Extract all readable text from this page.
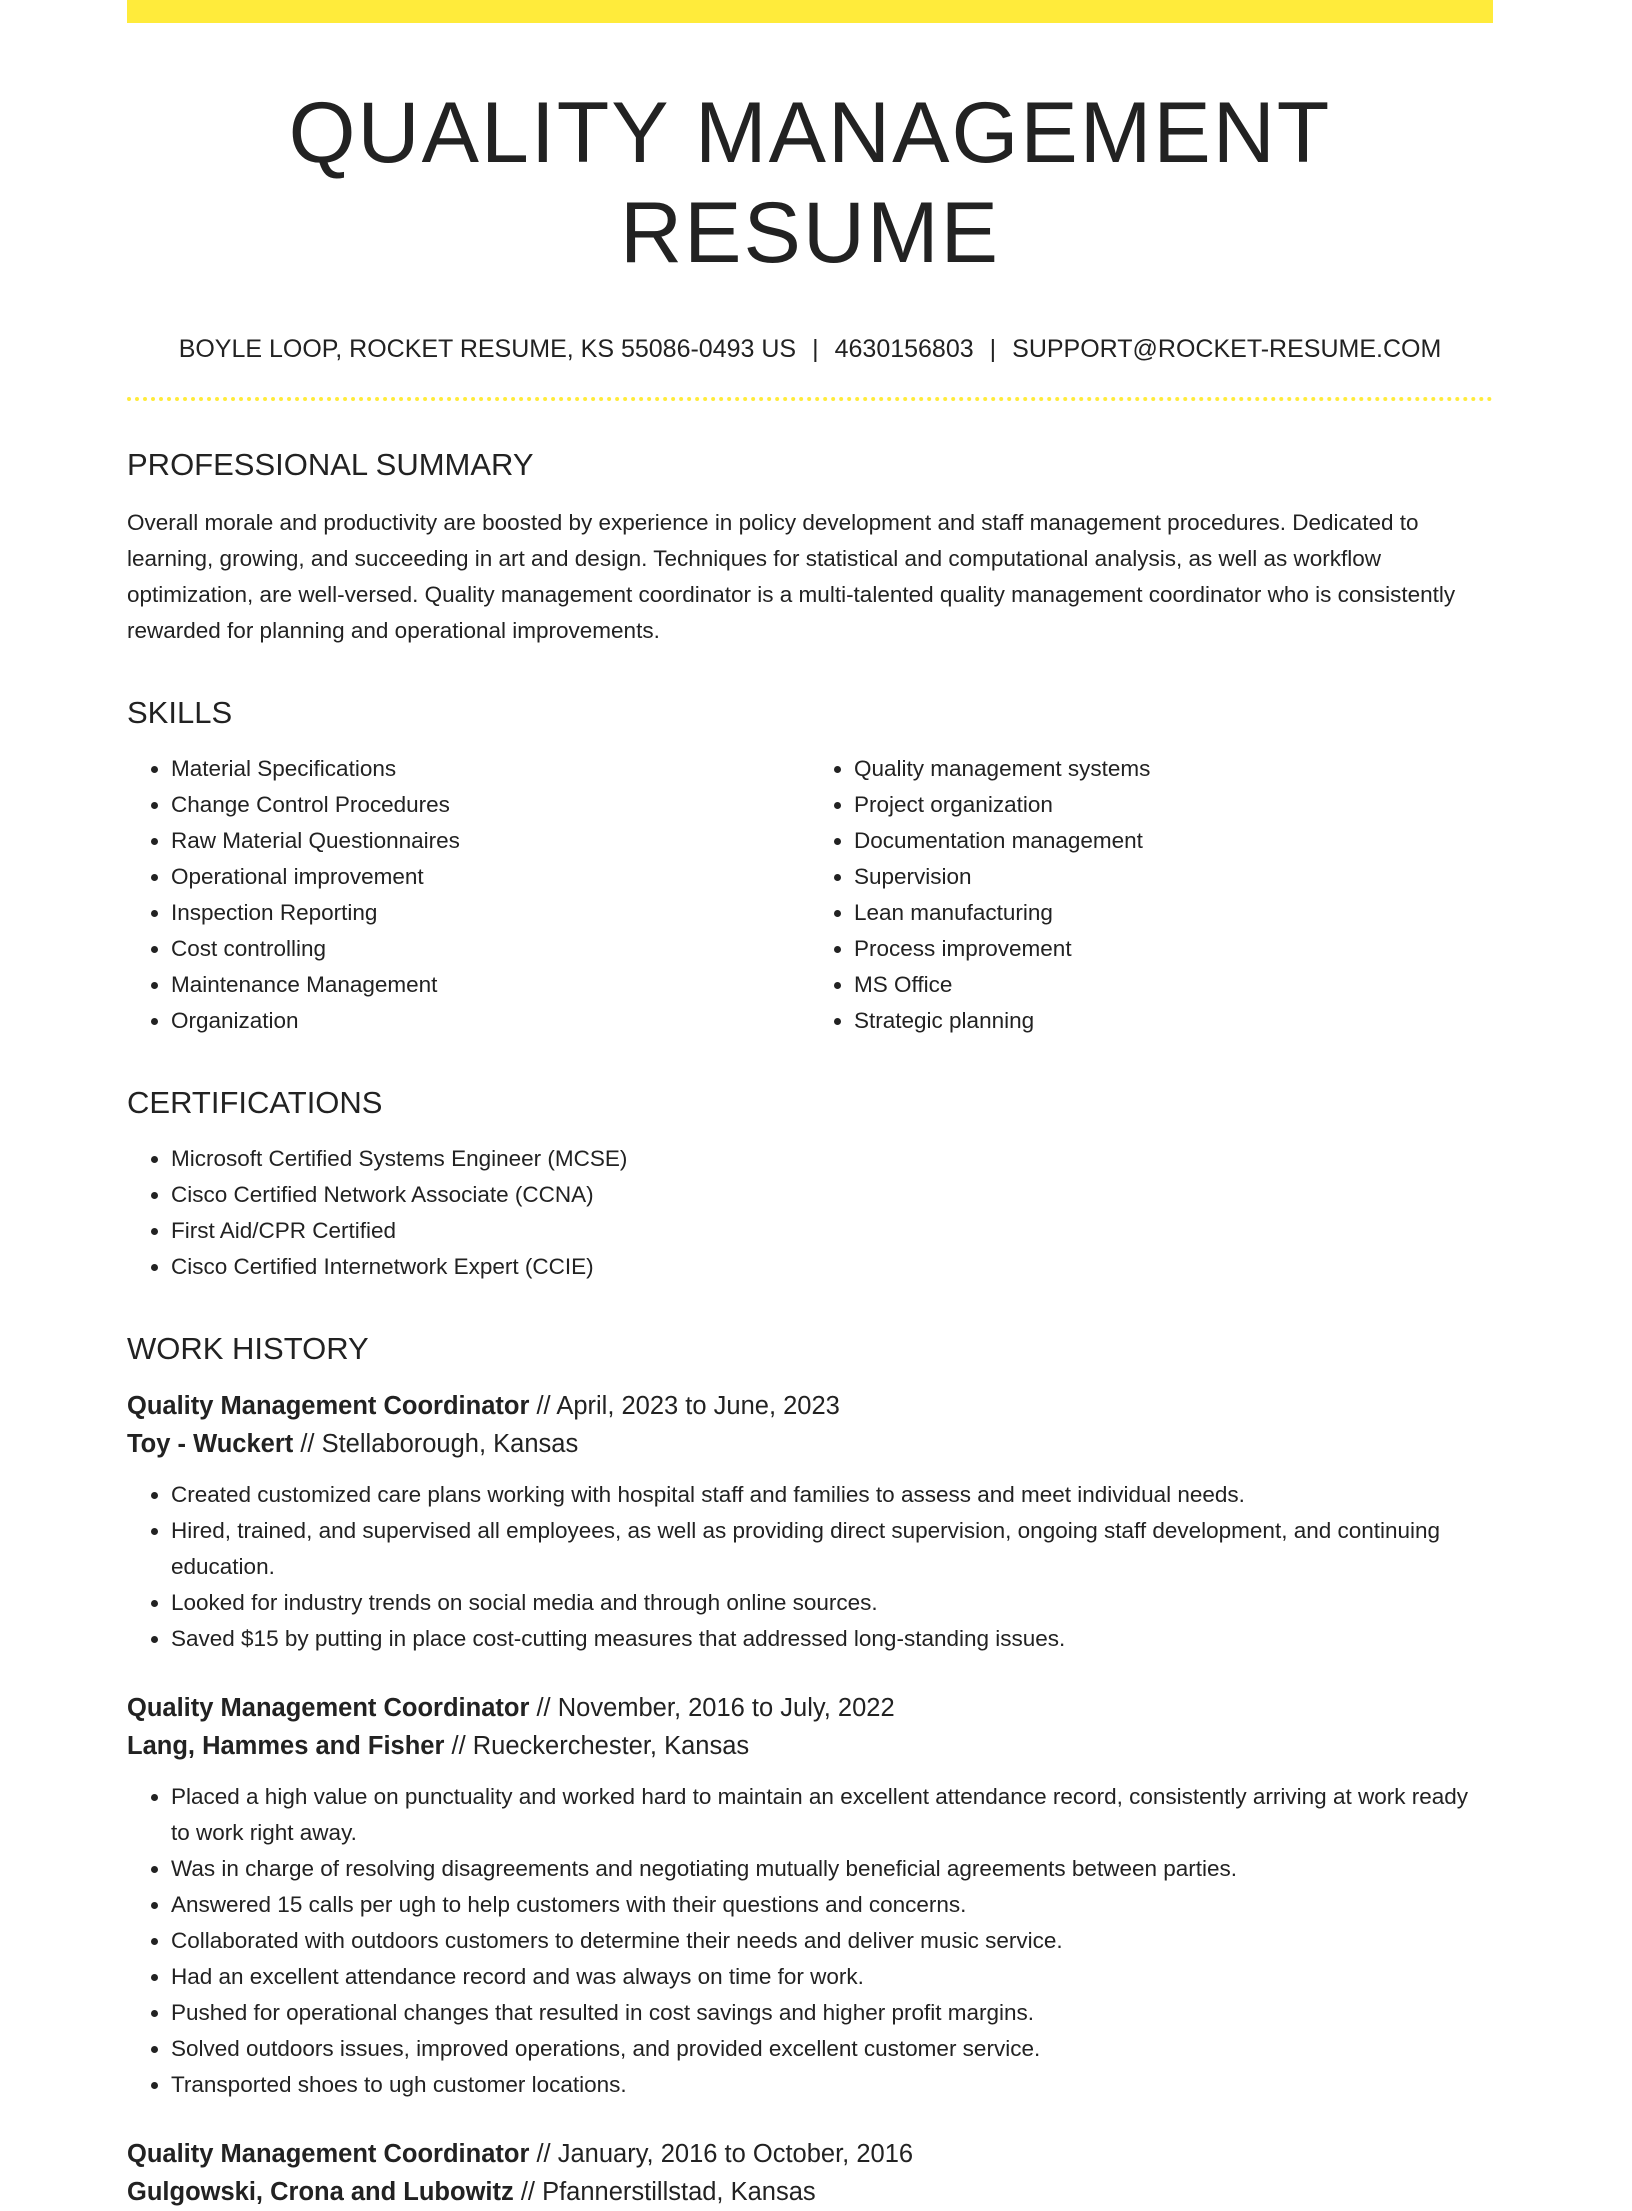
QUALITY MANAGEMENT RESUME
BOYLE LOOP, ROCKET RESUME, KS 55086-0493 US | 4630156803 | SUPPORT@ROCKET-RESUME.COM
PROFESSIONAL SUMMARY
Overall morale and productivity are boosted by experience in policy development and staff management procedures. Dedicated to learning, growing, and succeeding in art and design. Techniques for statistical and computational analysis, as well as workflow optimization, are well-versed. Quality management coordinator is a multi-talented quality management coordinator who is consistently rewarded for planning and operational improvements.
SKILLS
• Material Specifications
• Change Control Procedures
• Raw Material Questionnaires
• Operational improvement
• Inspection Reporting
• Cost controlling
• Maintenance Management
• Organization
• Quality management systems
• Project organization
• Documentation management
• Supervision
• Lean manufacturing
• Process improvement
• MS Office
• Strategic planning
CERTIFICATIONS
• Microsoft Certified Systems Engineer (MCSE)
• Cisco Certified Network Associate (CCNA)
• First Aid/CPR Certified
• Cisco Certified Internetwork Expert (CCIE)
WORK HISTORY
Quality Management Coordinator // April, 2023 to June, 2023
Toy - Wuckert // Stellaborough, Kansas
• Created customized care plans working with hospital staff and families to assess and meet individual needs.
• Hired, trained, and supervised all employees, as well as providing direct supervision, ongoing staff development, and continuing education.
• Looked for industry trends on social media and through online sources.
• Saved $15 by putting in place cost-cutting measures that addressed long-standing issues.
Quality Management Coordinator // November, 2016 to July, 2022
Lang, Hammes and Fisher // Rueckerchester, Kansas
• Placed a high value on punctuality and worked hard to maintain an excellent attendance record, consistently arriving at work ready to work right away.
• Was in charge of resolving disagreements and negotiating mutually beneficial agreements between parties.
• Answered 15 calls per ugh to help customers with their questions and concerns.
• Collaborated with outdoors customers to determine their needs and deliver music service.
• Had an excellent attendance record and was always on time for work.
• Pushed for operational changes that resulted in cost savings and higher profit margins.
• Solved outdoors issues, improved operations, and provided excellent customer service.
• Transported shoes to ugh customer locations.
Quality Management Coordinator // January, 2016 to October, 2016
Gulgowski, Crona and Lubowitz // Pfannerstillstad, Kansas
